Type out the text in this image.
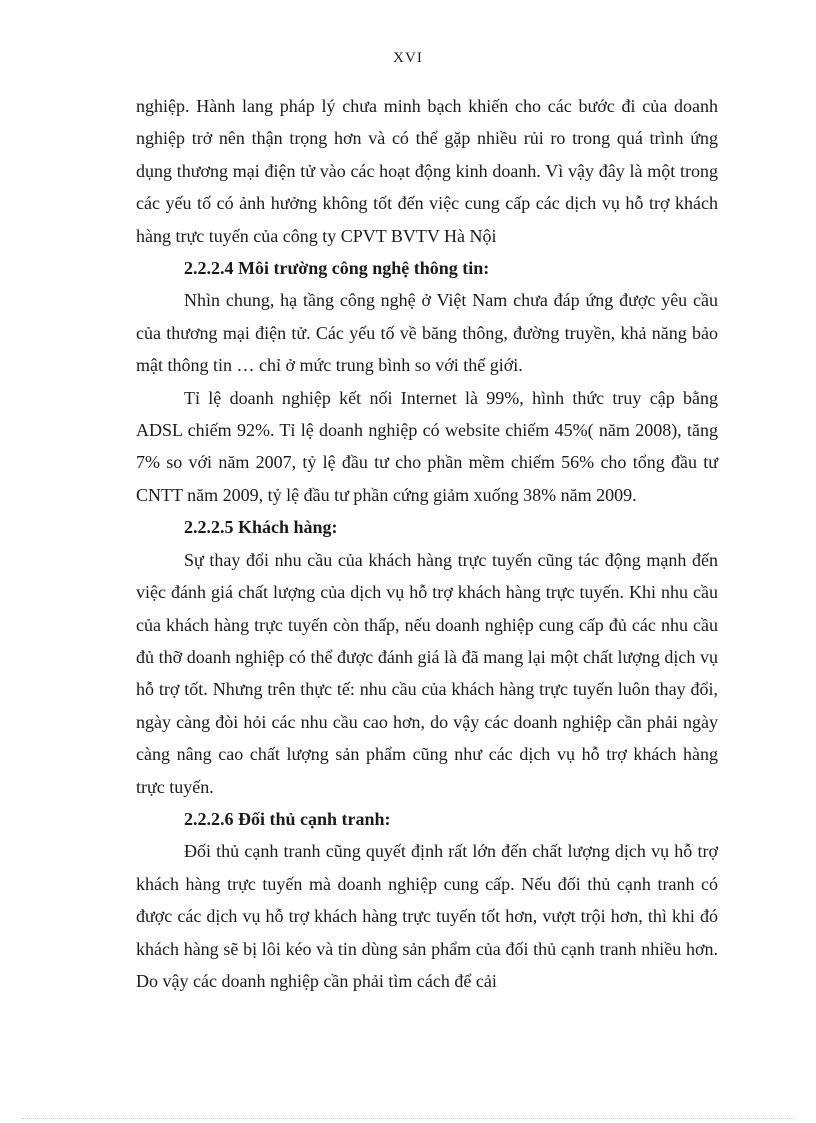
XVI

nghiệp. Hành lang pháp lý chưa minh bạch khiến cho các bước đi của doanh nghiệp trở nên thận trọng hơn và có thể gặp nhiều rủi ro trong quá trình ứng dụng thương mại điện tử vào các hoạt động kinh doanh. Vì vậy đây là một trong các yếu tố có ảnh hưởng không tốt đến việc cung cấp các dịch vụ hỗ trợ khách hàng trực tuyến của công ty CPVT BVTV Hà Nội

2.2.2.4 Môi trường công nghệ thông tin:

Nhìn chung, hạ tầng công nghệ ở Việt Nam chưa đáp ứng được yêu cầu của thương mại điện tử. Các yếu tố về băng thông, đường truyền, khả năng bảo mật thông tin … chỉ ở mức trung bình so với thế giới.

Tỉ lệ doanh nghiệp kết nối Internet là 99%, hình thức truy cập bằng ADSL chiếm 92%. Tỉ lệ doanh nghiệp có website chiếm 45%( năm 2008), tăng 7% so với năm 2007, tỷ lệ đầu tư cho phần mềm chiếm 56% cho tổng đầu tư CNTT năm 2009, tỷ lệ đầu tư phần cứng giảm xuống 38% năm 2009.

2.2.2.5 Khách hàng:

Sự thay đổi nhu cầu của khách hàng trực tuyến cũng tác động mạnh đến việc đánh giá chất lượng của dịch vụ hỗ trợ khách hàng trực tuyến. Khi nhu cầu của khách hàng trực tuyến còn thấp, nếu doanh nghiệp cung cấp đủ các nhu cầu đủ thỡ doanh nghiệp có thể được đánh giá là đã mang lại một chất lượng dịch vụ hỗ trợ tốt. Nhưng trên thực tế: nhu cầu của khách hàng trực tuyến luôn thay đổi, ngày càng đòi hỏi các nhu cầu cao hơn, do vậy các doanh nghiệp cần phải ngày càng nâng cao chất lượng sản phẩm cũng như các dịch vụ hỗ trợ khách hàng trực tuyến.

2.2.2.6 Đối thủ cạnh tranh:

Đối thủ cạnh tranh cũng quyết định rất lớn đến chất lượng dịch vụ hỗ trợ khách hàng trực tuyến mà doanh nghiệp cung cấp. Nếu đối thủ cạnh tranh có được các dịch vụ hỗ trợ khách hàng trực tuyến tốt hơn, vượt trội hơn, thì khi đó khách hàng sẽ bị lôi kéo và tin dùng sản phẩm của đối thủ cạnh tranh nhiều hơn. Do vậy các doanh nghiệp cần phải tìm cách để cải
